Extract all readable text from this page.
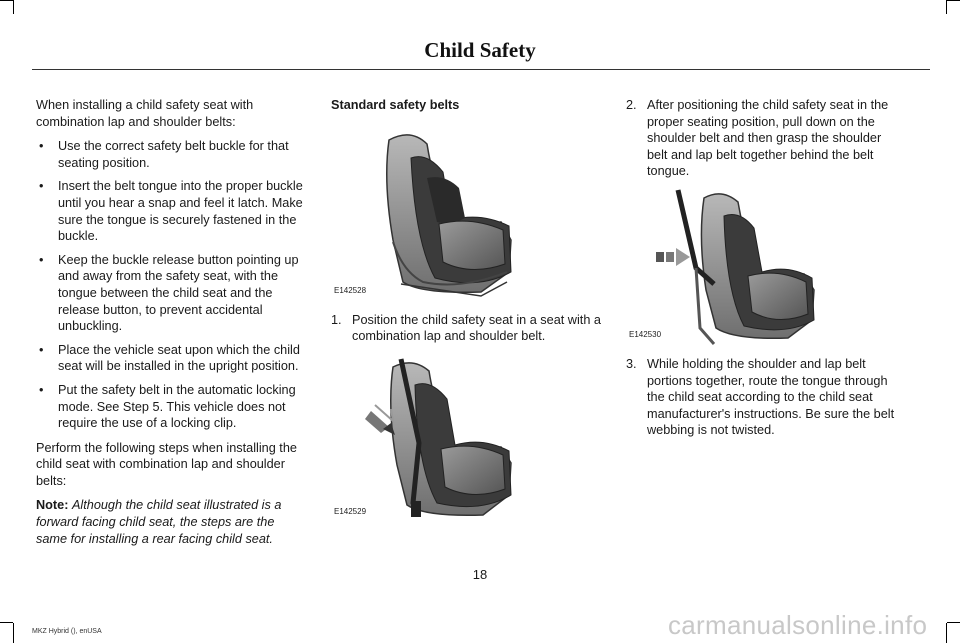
Child Safety

When installing a child safety seat with combination lap and shoulder belts:

• Use the correct safety belt buckle for that seating position.
• Insert the belt tongue into the proper buckle until you hear a snap and feel it latch. Make sure the tongue is securely fastened in the buckle.
• Keep the buckle release button pointing up and away from the safety seat, with the tongue between the child seat and the release button, to prevent accidental unbuckling.
• Place the vehicle seat upon which the child seat will be installed in the upright position.
• Put the safety belt in the automatic locking mode. See Step 5. This vehicle does not require the use of a locking clip.

Perform the following steps when installing the child seat with combination lap and shoulder belts:

Note: Although the child seat illustrated is a forward facing child seat, the steps are the same for installing a rear facing child seat.

Standard safety belts

E142528

1. Position the child safety seat in a seat with a combination lap and shoulder belt.

E142529

2. After positioning the child safety seat in the proper seating position, pull down on the shoulder belt and then grasp the shoulder belt and lap belt together behind the belt tongue.

E142530

3. While holding the shoulder and lap belt portions together, route the tongue through the child seat according to the child seat manufacturer's instructions. Be sure the belt webbing is not twisted.

18
MKZ Hybrid (), enUSA	carmanualsonline.info
